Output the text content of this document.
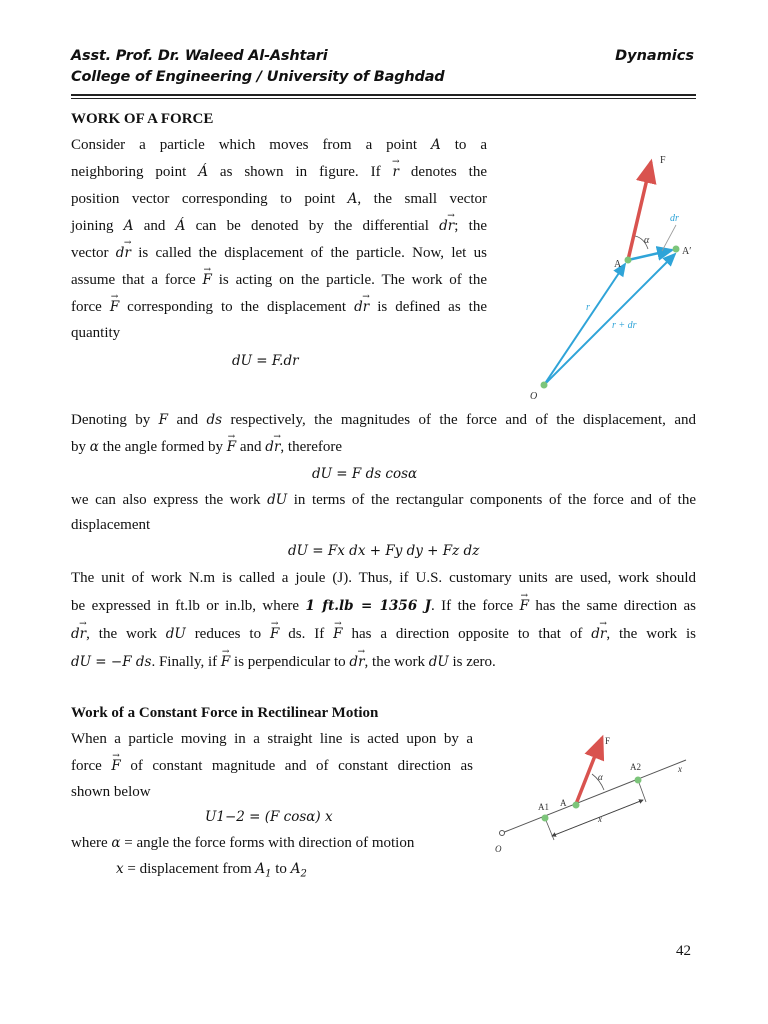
Asst. Prof. Dr. Waleed Al-Ashtari
College of Engineering / University of Baghdad
Dynamics
WORK OF A FORCE
Consider a particle which moves from a point A to a
neighboring point Á as shown in figure. If → r denotes the
position vector corresponding to point A, the small vector
joining A and Á can be denoted by the differential d→ r; the
vector d→ r is called the displacement of the particle. Now, let us
assume that a force → F is acting on the particle. The work of the
force → F corresponding to the displacement d→ r is defined as the
quantity
dU = F.dr
F
dr
α
A
A′
r
r + dr
O
Denoting by F and ds respectively, the magnitudes of the force and of the displacement, and
by α the angle formed by → F and d→ r, therefore
dU = F ds cosα
we can also express the work dU in terms of the rectangular components of the force and of the
displacement
dU = Fx dx + Fy dy + Fz dz
The unit of work N.m is called a joule (J). Thus, if U.S. customary units are used, work should
be expressed in ft.lb or in.lb, where 1 ft.lb = 1356 J. If the force → F has the same direction as
d→ r, the work dU reduces to → F ds. If → F has a direction opposite to that of d→ r, the work is
dU = −F ds. Finally, if → F is perpendicular to d→ r, the work dU is zero.
Work of a Constant Force in Rectilinear Motion
When a particle moving in a straight line is acted upon by a
force → F of constant magnitude and of constant direction as
shown below
U1−2 = (F cosα) x
where α = angle the force forms with direction of motion
x = displacement from $A_1$ to $A_2$
F
α
A2
A1 A
x
x
O
42
